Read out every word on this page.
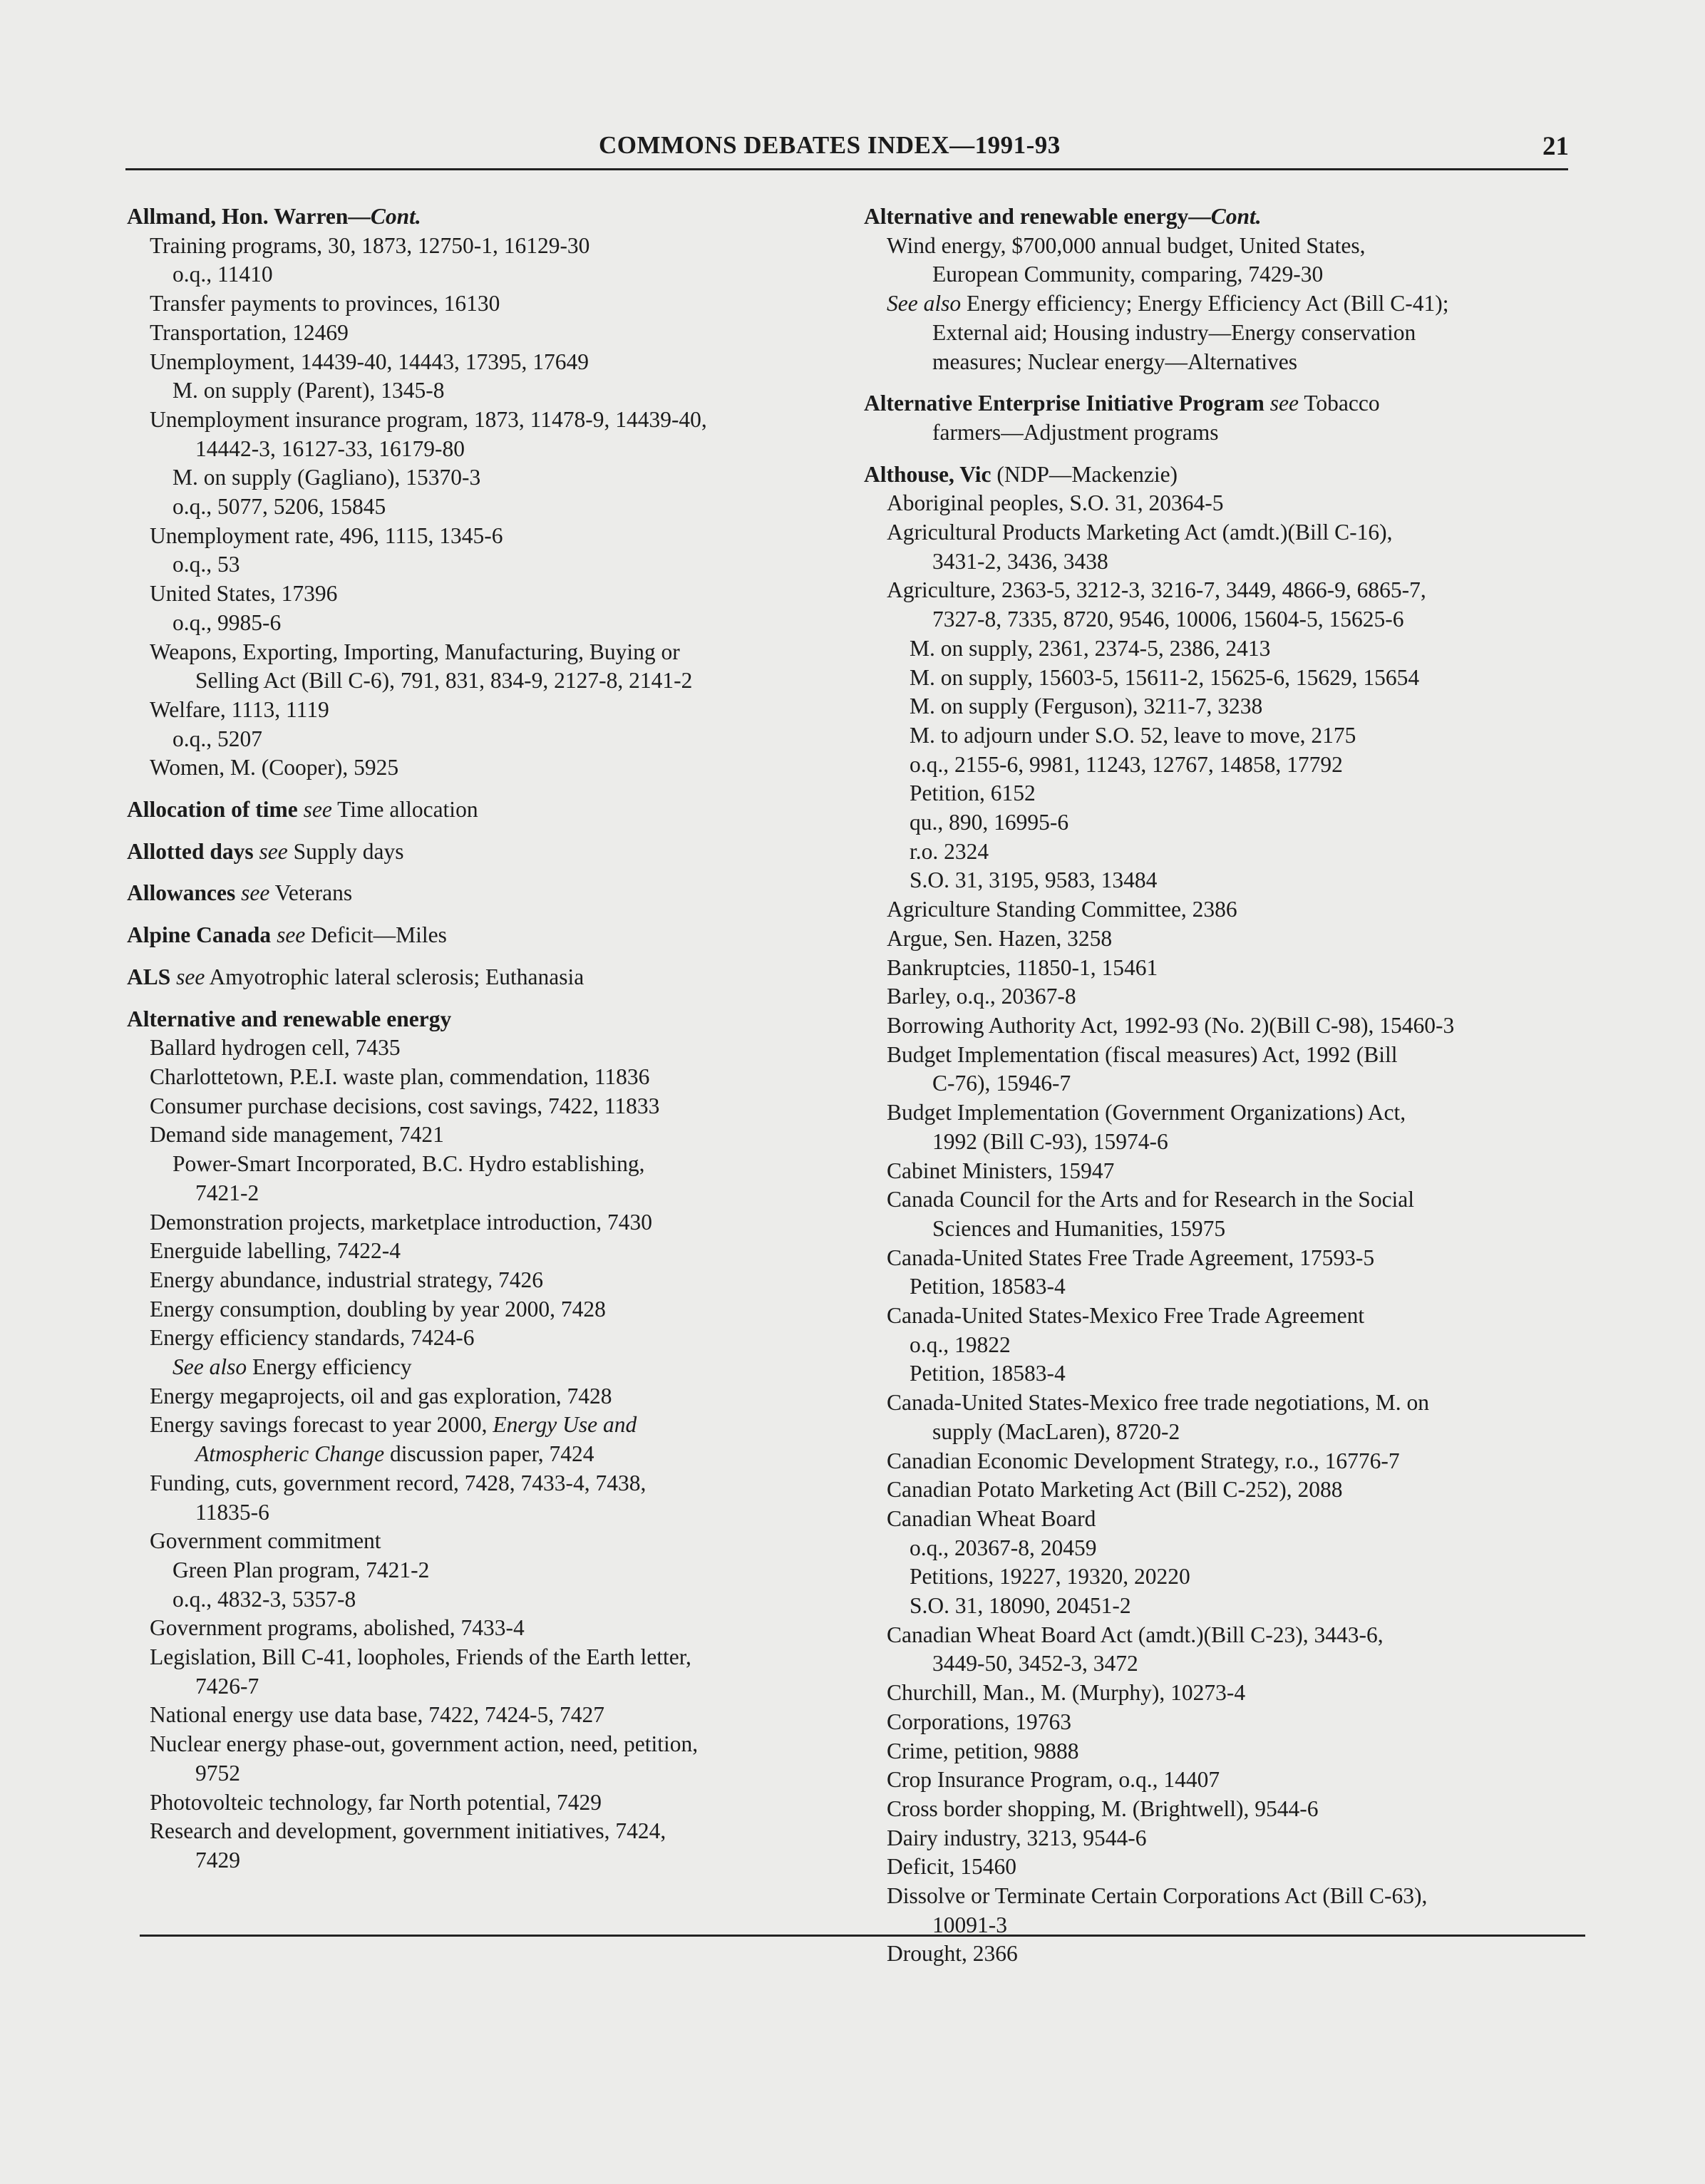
COMMONS DEBATES INDEX—1991-93	21
Allmand, Hon. Warren—Cont.
Training programs, 30, 1873, 12750-1, 16129-30
o.q., 11410
Transfer payments to provinces, 16130
Transportation, 12469
Unemployment, 14439-40, 14443, 17395, 17649
M. on supply (Parent), 1345-8
Unemployment insurance program, 1873, 11478-9, 14439-40,
14442-3, 16127-33, 16179-80
M. on supply (Gagliano), 15370-3
o.q., 5077, 5206, 15845
Unemployment rate, 496, 1115, 1345-6
o.q., 53
United States, 17396
o.q., 9985-6
Weapons, Exporting, Importing, Manufacturing, Buying or
Selling Act (Bill C-6), 791, 831, 834-9, 2127-8, 2141-2
Welfare, 1113, 1119
o.q., 5207
Women, M. (Cooper), 5925
Allocation of time see Time allocation
Allotted days see Supply days
Allowances see Veterans
Alpine Canada see Deficit—Miles
ALS see Amyotrophic lateral sclerosis; Euthanasia
Alternative and renewable energy
Ballard hydrogen cell, 7435
Charlottetown, P.E.I. waste plan, commendation, 11836
Consumer purchase decisions, cost savings, 7422, 11833
Demand side management, 7421
Power-Smart Incorporated, B.C. Hydro establishing,
7421-2
Demonstration projects, marketplace introduction, 7430
Energuide labelling, 7422-4
Energy abundance, industrial strategy, 7426
Energy consumption, doubling by year 2000, 7428
Energy efficiency standards, 7424-6
See also Energy efficiency
Energy megaprojects, oil and gas exploration, 7428
Energy savings forecast to year 2000, Energy Use and
Atmospheric Change discussion paper, 7424
Funding, cuts, government record, 7428, 7433-4, 7438,
11835-6
Government commitment
Green Plan program, 7421-2
o.q., 4832-3, 5357-8
Government programs, abolished, 7433-4
Legislation, Bill C-41, loopholes, Friends of the Earth letter,
7426-7
National energy use data base, 7422, 7424-5, 7427
Nuclear energy phase-out, government action, need, petition,
9752
Photovolteic technology, far North potential, 7429
Research and development, government initiatives, 7424,
7429
Alternative and renewable energy—Cont.
Wind energy, $700,000 annual budget, United States,
European Community, comparing, 7429-30
See also Energy efficiency; Energy Efficiency Act (Bill C-41);
External aid; Housing industry—Energy conservation
measures; Nuclear energy—Alternatives
Alternative Enterprise Initiative Program see Tobacco
farmers—Adjustment programs
Althouse, Vic (NDP—Mackenzie)
Aboriginal peoples, S.O. 31, 20364-5
Agricultural Products Marketing Act (amdt.)(Bill C-16),
3431-2, 3436, 3438
Agriculture, 2363-5, 3212-3, 3216-7, 3449, 4866-9, 6865-7,
7327-8, 7335, 8720, 9546, 10006, 15604-5, 15625-6
M. on supply, 2361, 2374-5, 2386, 2413
M. on supply, 15603-5, 15611-2, 15625-6, 15629, 15654
M. on supply (Ferguson), 3211-7, 3238
M. to adjourn under S.O. 52, leave to move, 2175
o.q., 2155-6, 9981, 11243, 12767, 14858, 17792
Petition, 6152
qu., 890, 16995-6
r.o. 2324
S.O. 31, 3195, 9583, 13484
Agriculture Standing Committee, 2386
Argue, Sen. Hazen, 3258
Bankruptcies, 11850-1, 15461
Barley, o.q., 20367-8
Borrowing Authority Act, 1992-93 (No. 2)(Bill C-98), 15460-3
Budget Implementation (fiscal measures) Act, 1992 (Bill
C-76), 15946-7
Budget Implementation (Government Organizations) Act,
1992 (Bill C-93), 15974-6
Cabinet Ministers, 15947
Canada Council for the Arts and for Research in the Social
Sciences and Humanities, 15975
Canada-United States Free Trade Agreement, 17593-5
Petition, 18583-4
Canada-United States-Mexico Free Trade Agreement
o.q., 19822
Petition, 18583-4
Canada-United States-Mexico free trade negotiations, M. on
supply (MacLaren), 8720-2
Canadian Economic Development Strategy, r.o., 16776-7
Canadian Potato Marketing Act (Bill C-252), 2088
Canadian Wheat Board
o.q., 20367-8, 20459
Petitions, 19227, 19320, 20220
S.O. 31, 18090, 20451-2
Canadian Wheat Board Act (amdt.)(Bill C-23), 3443-6,
3449-50, 3452-3, 3472
Churchill, Man., M. (Murphy), 10273-4
Corporations, 19763
Crime, petition, 9888
Crop Insurance Program, o.q., 14407
Cross border shopping, M. (Brightwell), 9544-6
Dairy industry, 3213, 9544-6
Deficit, 15460
Dissolve or Terminate Certain Corporations Act (Bill C-63),
10091-3
Drought, 2366
